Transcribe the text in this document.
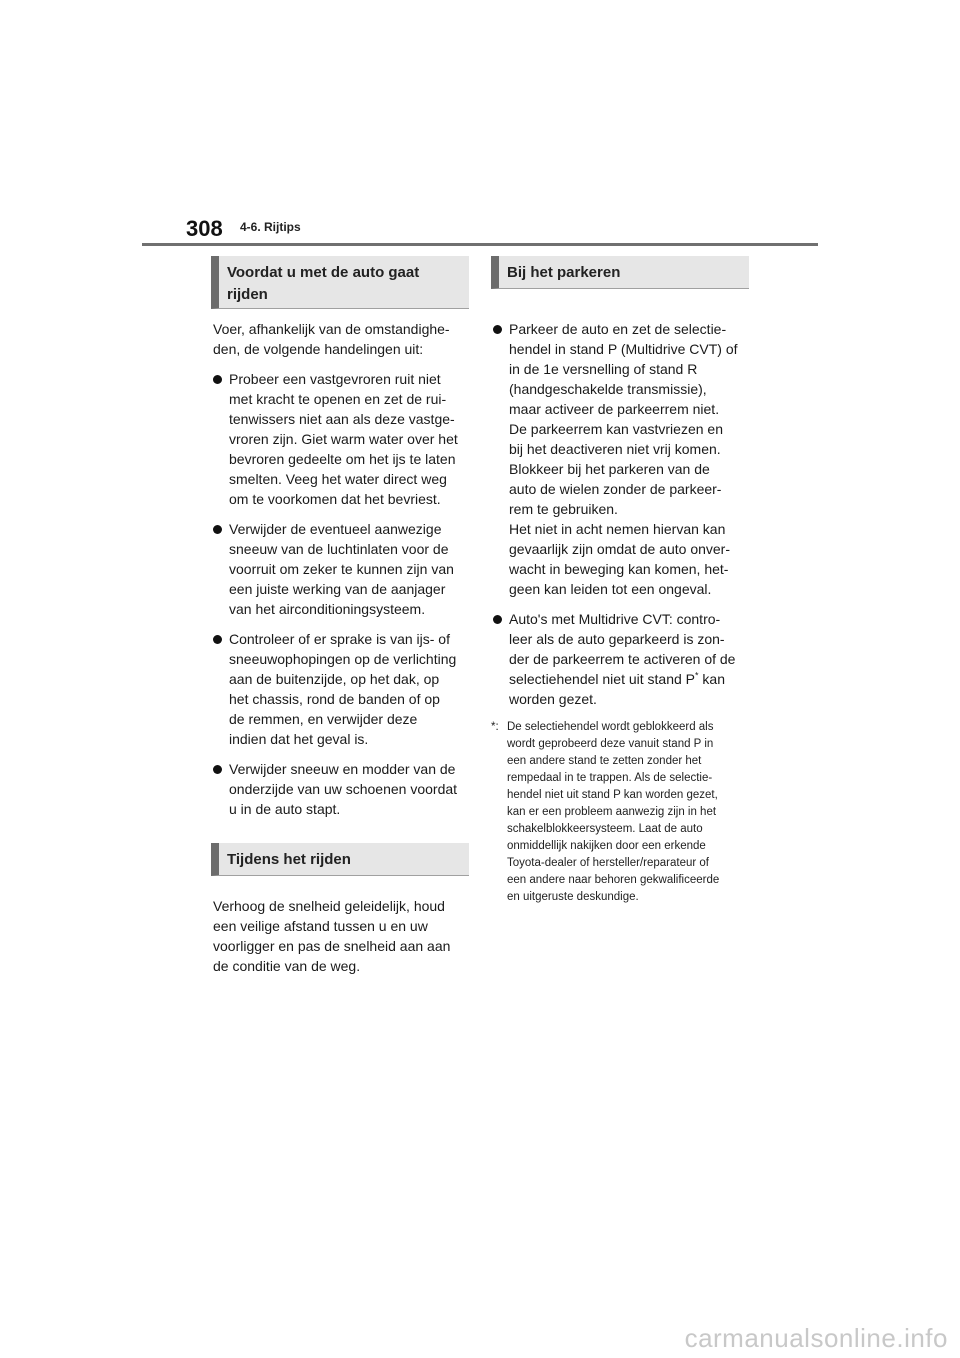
308 4-6. Rijtips
Voordat u met de auto gaat
rijden

Voer, afhankelijk van de omstandighe-
den, de volgende handelingen uit:

Probeer een vastgevroren ruit niet
met kracht te openen en zet de rui-
tenwissers niet aan als deze vastge-
vroren zijn. Giet warm water over het
bevroren gedeelte om het ijs te laten
smelten. Veeg het water direct weg
om te voorkomen dat het bevriest.
Verwijder de eventueel aanwezige
sneeuw van de luchtinlaten voor de
voorruit om zeker te kunnen zijn van
een juiste werking van de aanjager
van het airconditioningsysteem.
Controleer of er sprake is van ijs- of
sneeuwophopingen op de verlichting
aan de buitenzijde, op het dak, op
het chassis, rond de banden of op
de remmen, en verwijder deze
indien dat het geval is.
Verwijder sneeuw en modder van de
onderzijde van uw schoenen voordat
u in de auto stapt.
Tijdens het rijden

Verhoog de snelheid geleidelijk, houd
een veilige afstand tussen u en uw
voorligger en pas de snelheid aan aan
de conditie van de weg.

Bij het parkeren
Parkeer de auto en zet de selectie-
hendel in stand P (Multidrive CVT) of
in de 1e versnelling of stand R
(handgeschakelde transmissie),
maar activeer de parkeerrem niet.
De parkeerrem kan vastvriezen en
bij het deactiveren niet vrij komen.
Blokkeer bij het parkeren van de
auto de wielen zonder de parkeer-
rem te gebruiken.
Het niet in acht nemen hiervan kan
gevaarlijk zijn omdat de auto onver-
wacht in beweging kan komen, het-
geen kan leiden tot een ongeval.
Auto's met Multidrive CVT: contro-
leer als de auto geparkeerd is zon-
der de parkeerrem te activeren of de
selectiehendel niet uit stand P* kan
worden gezet.
*: De selectiehendel wordt geblokkeerd als
wordt geprobeerd deze vanuit stand P in
een andere stand te zetten zonder het
rempedaal in te trappen. Als de selectie-
hendel niet uit stand P kan worden gezet,
kan er een probleem aanwezig zijn in het
schakelblokkeersysteem. Laat de auto
onmiddellijk nakijken door een erkende
Toyota-dealer of hersteller/reparateur of
een andere naar behoren gekwalificeerde
en uitgeruste deskundige.
carmanualsonline.info
